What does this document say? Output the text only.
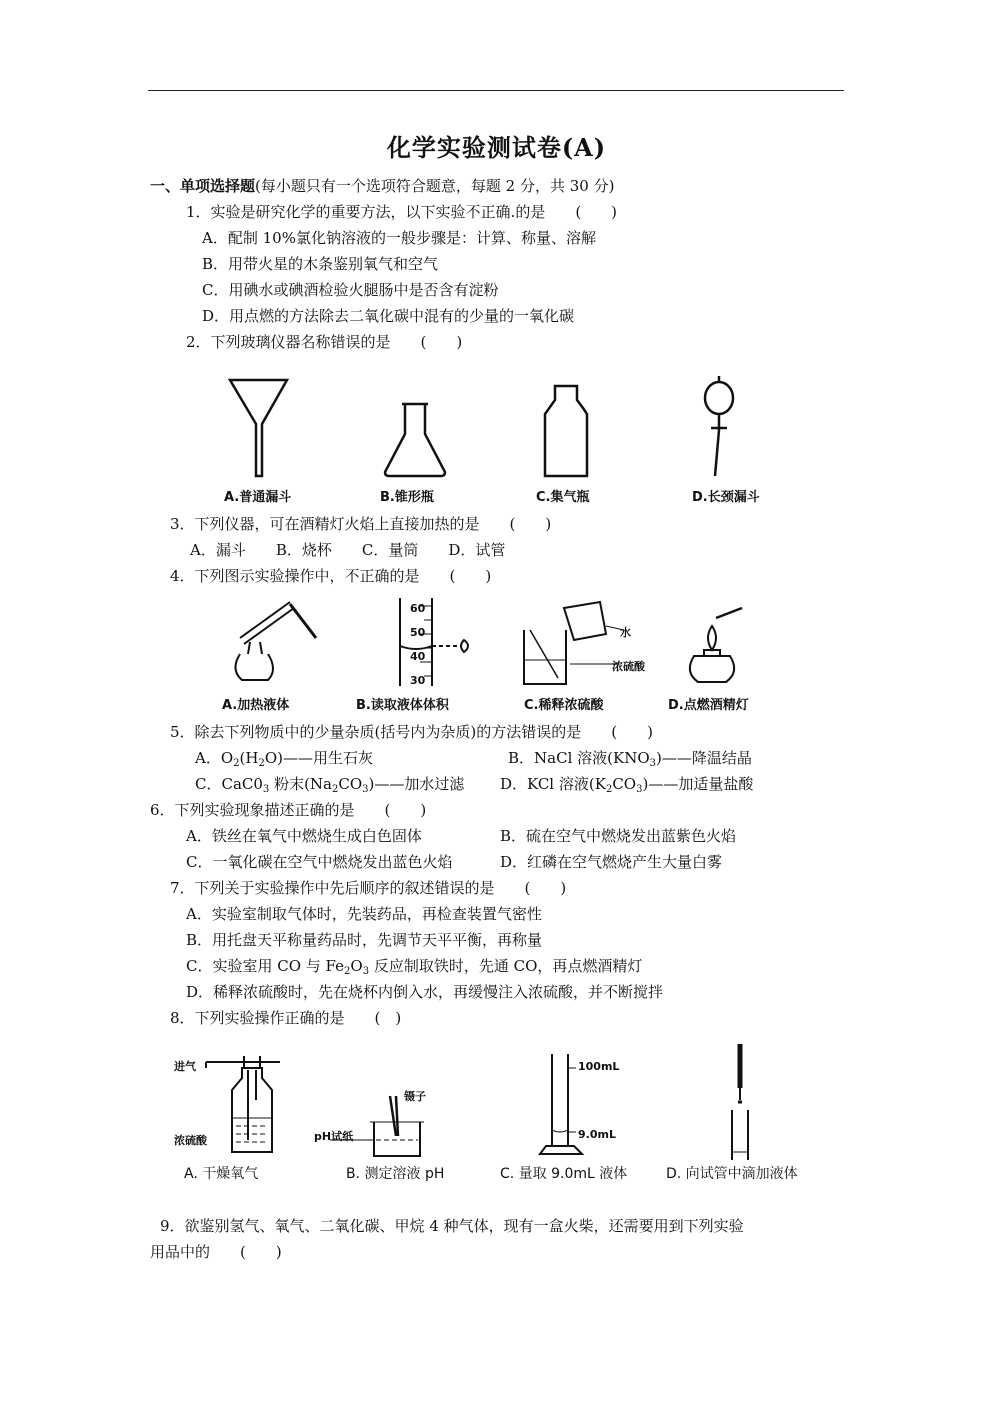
化学实验测试卷(A)
一、单项选择题(每小题只有一个选项符合题意，每题 2 分，共 30 分)
1．实验是研究化学的重要方法，以下实验不正确.的是　　(　　)
A．配制 10%氯化钠溶液的一般步骤是：计算、称量、溶解
B．用带火星的木条鉴别氧气和空气
C．用碘水或碘酒检验火腿肠中是否含有淀粉
D．用点燃的方法除去二氧化碳中混有的少量的一氧化碳
2．下列玻璃仪器名称错误的是　　(　　)
A.普通漏斗	B.锥形瓶	C.集气瓶	D.长颈漏斗
3．下列仪器，可在酒精灯火焰上直接加热的是　　(　　)
A．漏斗　　B．烧杯　　C．量筒　　D．试管
4．下列图示实验操作中，不正确的是　　(　　)
60
50
40
30
水
浓硫酸
A.加热液体	B.读取液体体积	C.稀释浓硫酸	D.点燃酒精灯
5．除去下列物质中的少量杂质(括号内为杂质)的方法错误的是　　(　　)
A．$O_2(H_2O)——$用生石灰	B．NaCl 溶液$(KNO_3)——$降温结晶
C．$CaC0_3$ 粉末$(Na_2CO_3)——$加水过滤 D．KCl 溶液$(K_2CO_3)——$加适量盐酸
6．下列实验现象描述正确的是　　(　　)
A．铁丝在氧气中燃烧生成白色固体	B．硫在空气中燃烧发出蓝紫色火焰
C．一氧化碳在空气中燃烧发出蓝色火焰	D．红磷在空气燃烧产生大量白雾
7．下列关于实验操作中先后顺序的叙述错误的是　　(　　)
A．实验室制取气体时，先装药品，再检查装置气密性
B．用托盘天平称量药品时，先调节天平平衡，再称量
C．实验室用 CO 与 $Fe_2O_3$ 反应制取铁时，先通 CO，再点燃酒精灯
D．稀释浓硫酸时，先在烧杯内倒入水，再缓慢注入浓硫酸，并不断搅拌
8．下列实验操作正确的是　　(　)
进气
浓硫酸
镊子
pH试纸
100mL
9.0mL
A. 干燥氧气	B. 测定溶液 pH	C. 量取 9.0mL 液体	D. 向试管中滴加液体
9．欲鉴别氢气、氧气、二氧化碳、甲烷 4 种气体，现有一盒火柴，还需要用到下列实验
用品中的　　(　　)
